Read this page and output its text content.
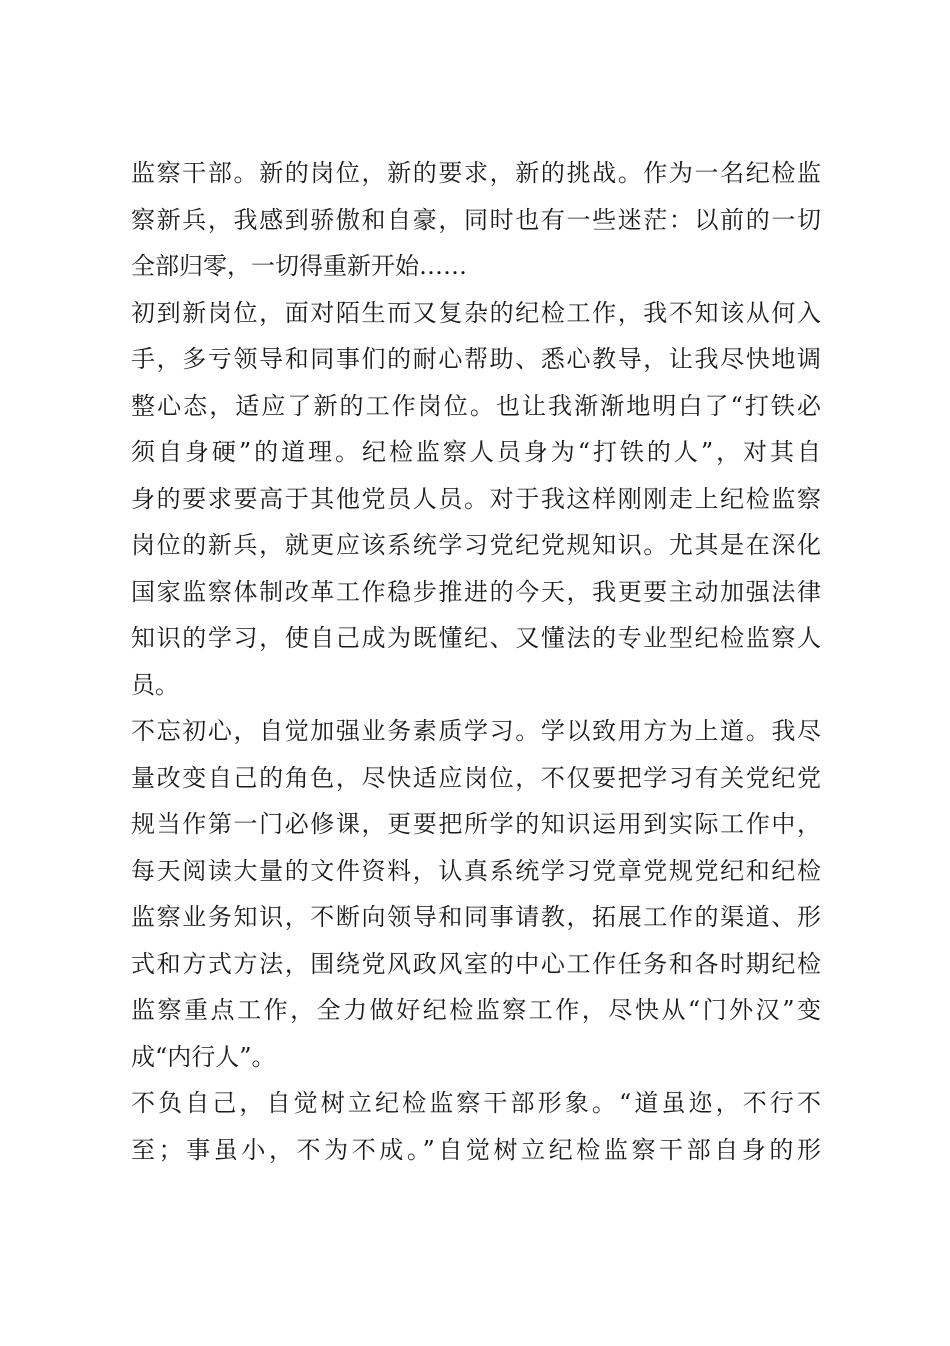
监察干部。新的岗位，新的要求，新的挑战。作为一名纪检监
察新兵，我感到骄傲和自豪，同时也有一些迷茫：以前的一切
全部归零，一切得重新开始……
初到新岗位，面对陌生而又复杂的纪检工作，我不知该从何入
手，多亏领导和同事们的耐心帮助、悉心教导，让我尽快地调
整心态，适应了新的工作岗位。也让我渐渐地明白了“打铁必
须自身硬”的道理。纪检监察人员身为“打铁的人”，对其自
身的要求要高于其他党员人员。对于我这样刚刚走上纪检监察
岗位的新兵，就更应该系统学习党纪党规知识。尤其是在深化
国家监察体制改革工作稳步推进的今天，我更要主动加强法律
知识的学习，使自己成为既懂纪、又懂法的专业型纪检监察人
员。
不忘初心，自觉加强业务素质学习。学以致用方为上道。我尽
量改变自己的角色，尽快适应岗位，不仅要把学习有关党纪党
规当作第一门必修课，更要把所学的知识运用到实际工作中，
每天阅读大量的文件资料，认真系统学习党章党规党纪和纪检
监察业务知识，不断向领导和同事请教，拓展工作的渠道、形
式和方式方法，围绕党风政风室的中心工作任务和各时期纪检
监察重点工作，全力做好纪检监察工作，尽快从“门外汉”变
成“内行人”。
不负自己，自觉树立纪检监察干部形象。“道虽迩，不行不
至；事虽小，不为不成。”自觉树立纪检监察干部自身的形
